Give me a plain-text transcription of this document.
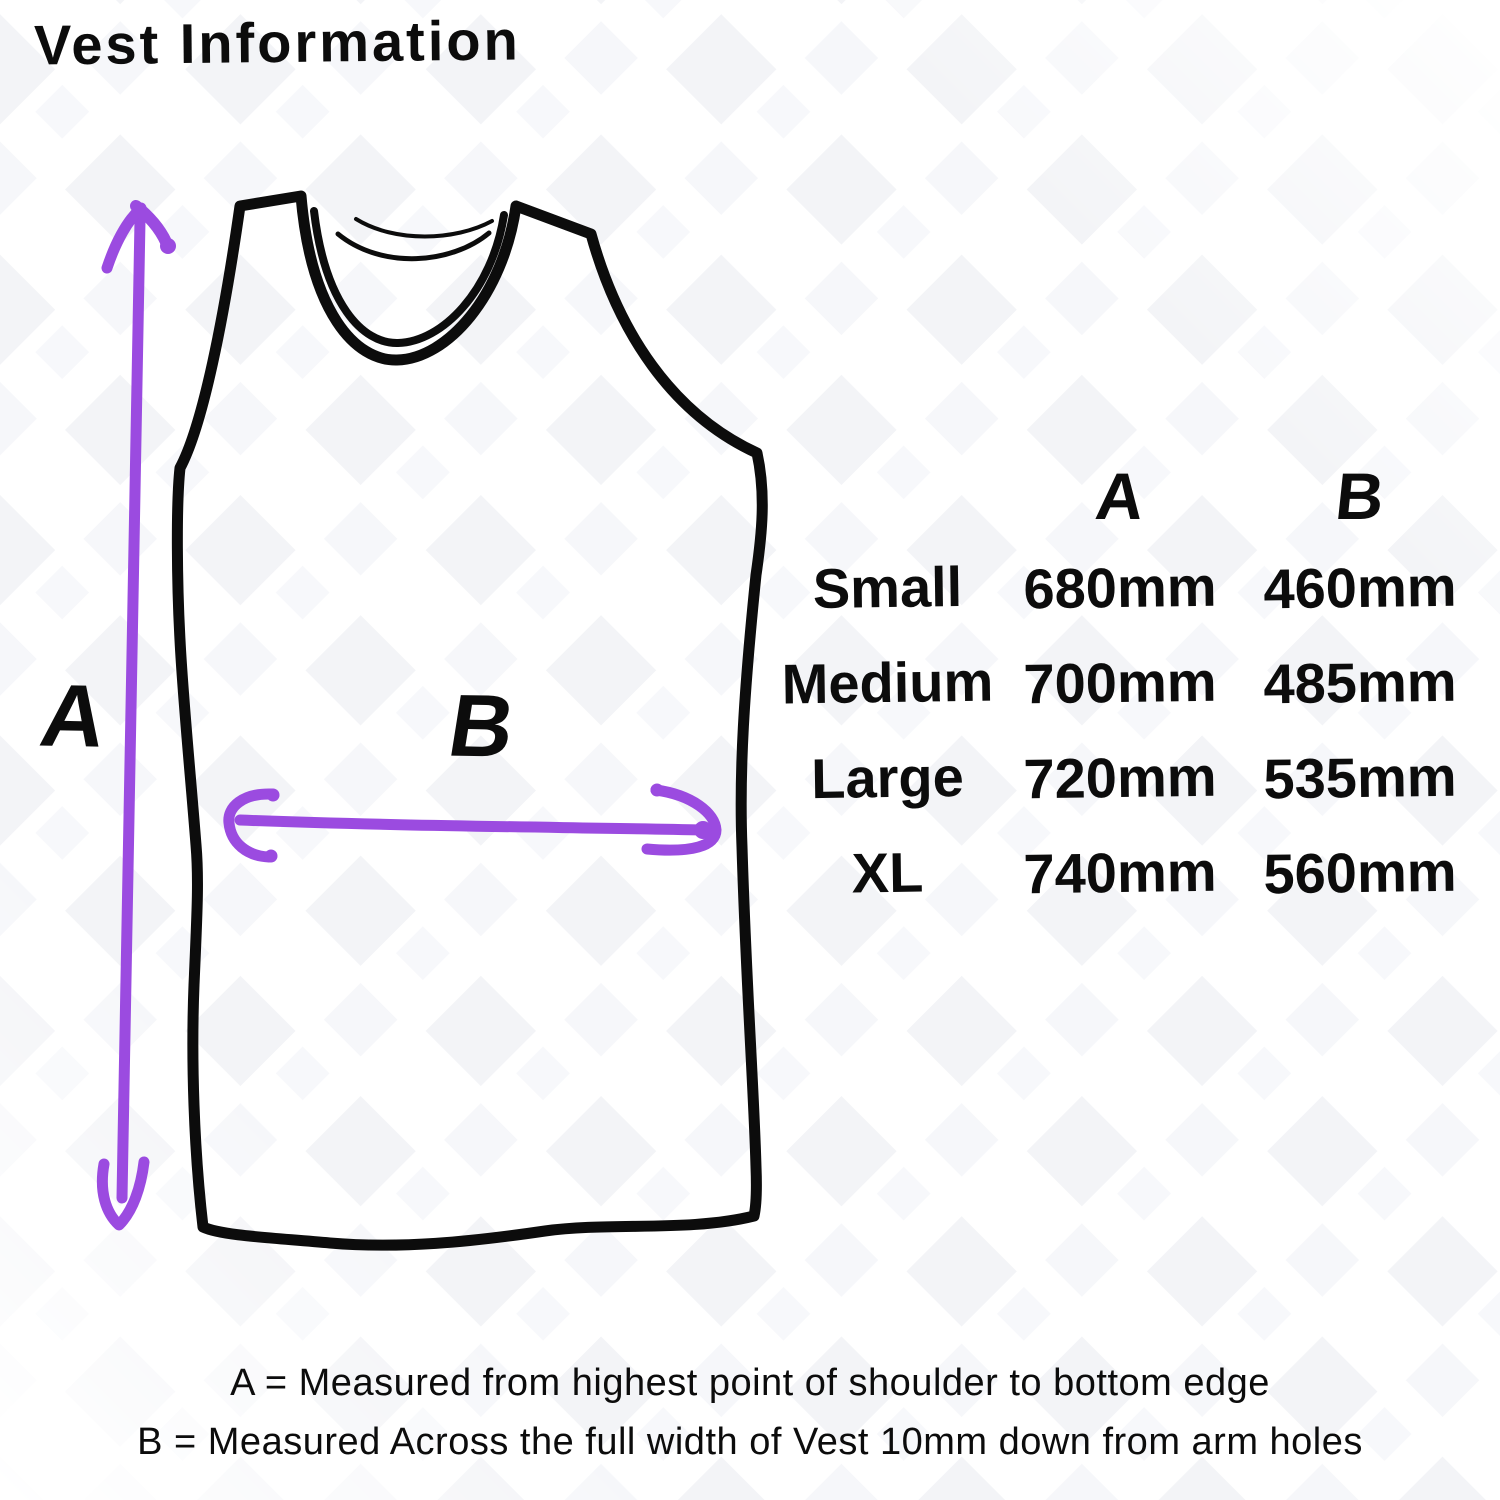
Vest Information
A	B
A	B
Small	680mm 460mm
Medium 700mm 485mm
Large	720mm 535mm
XL	740mm 560mm
A = Measured from highest point of shoulder to bottom edge
B = Measured Across the full width of Vest 10mm down from arm holes
